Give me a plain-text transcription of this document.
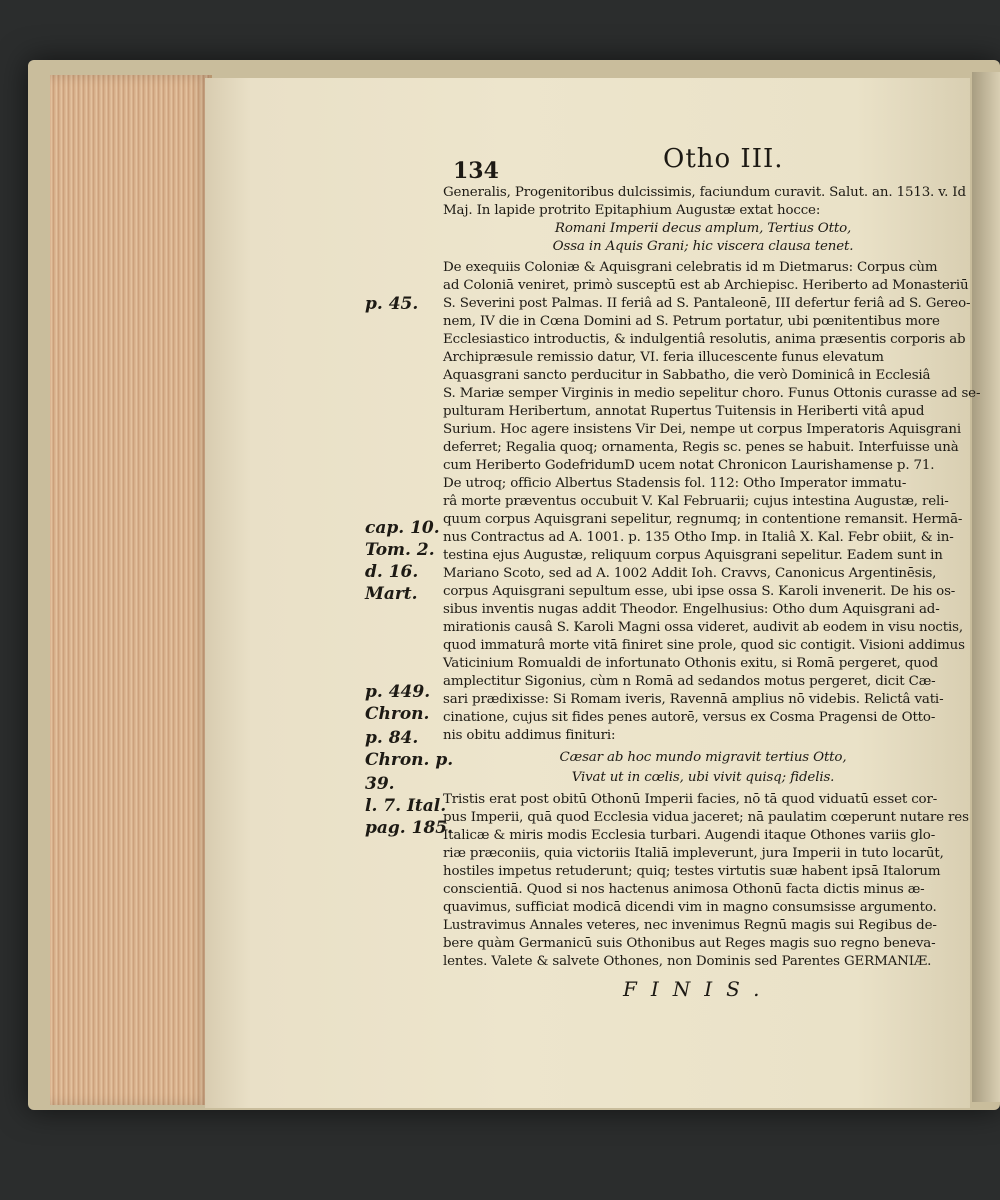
134	Otho III.
p. 45.
cap. 10.
Tom. 2.
d. 16.
Mart.
p. 449.
Chron.
p. 84.
Chron. p.
39.
l. 7. Ital.
pag. 185.
Generalis, Progenitoribus dulcissimis, faciundum curavit. Salut. an. 1513. v. Id
Maj. In lapide protrito Epitaphium Augustæ extat hocce:
Romani Imperii decus amplum, Tertius Otto,
Ossa in Aquis Grani; hic viscera clausa tenet.
De exequiis Coloniæ & Aquisgrani celebratis id m Dietmarus: Corpus cùm
ad Coloniā veniret, primò susceptū est ab Archiepisc. Heriberto ad Monasteriū
S. Severini post Palmas. II feriâ ad S. Pantaleonē, III defertur feriâ ad S. Gereo-
nem, IV die in Cœna Domini ad S. Petrum portatur, ubi pœnitentibus more
Ecclesiastico introductis, & indulgentiâ resolutis, anima præsentis corporis ab
Archipræsule remissio datur, VI. feria illucescente funus elevatum
Aquasgrani sancto perducitur in Sabbatho, die verò Dominicâ in Ecclesiâ
S. Mariæ semper Virginis in medio sepelitur choro. Funus Ottonis curasse ad se-
pulturam Heribertum, annotat Rupertus Tuitensis in Heriberti vitâ apud
Surium. Hoc agere insistens Vir Dei, nempe ut corpus Imperatoris Aquisgrani
deferret; Regalia quoq; ornamenta, Regis sc. penes se habuit. Interfuisse unà
cum Heriberto GodefridumD ucem notat Chronicon Laurishamense p. 71.
De utroq; officio Albertus Stadensis fol. 112: Otho Imperator immatu-
râ morte præventus occubuit V. Kal Februarii; cujus intestina Augustæ, reli-
quum corpus Aquisgrani sepelitur, regnumq; in contentione remansit. Hermā-
nus Contractus ad A. 1001. p. 135 Otho Imp. in Italiâ X. Kal. Febr obiit, & in-
testina ejus Augustæ, reliquum corpus Aquisgrani sepelitur. Eadem sunt in
Mariano Scoto, sed ad A. 1002 Addit Ioh. Cravvs, Canonicus Argentinēsis,
corpus Aquisgrani sepultum esse, ubi ipse ossa S. Karoli invenerit. De his os-
sibus inventis nugas addit Theodor. Engelhusius: Otho dum Aquisgrani ad-
mirationis causâ S. Karoli Magni ossa videret, audivit ab eodem in visu noctis,
quod immaturâ morte vitā finiret sine prole, quod sic contigit. Visioni addimus
Vaticinium Romualdi de infortunato Othonis exitu, si Romā pergeret, quod
amplectitur Sigonius, cùm n Romā ad sedandos motus pergeret, dicit Cæ-
sari prædixisse: Si Romam iveris, Ravennā amplius nō videbis. Relictâ vati-
cinatione, cujus sit fides penes autorē, versus ex Cosma Pragensi de Otto-
nis obitu addimus finituri:
Cæsar ab hoc mundo migravit tertius Otto,
Vivat ut in cœlis, ubi vivit quisq; fidelis.
Tristis erat post obitū Othonū Imperii facies, nō tā quod viduatū esset cor-
pus Imperii, quā quod Ecclesia vidua jaceret; nā paulatim cœperunt nutare res
Italicæ & miris modis Ecclesia turbari. Augendi itaque Othones variis glo-
riæ præconiis, quia victoriis Italiā impleverunt, jura Imperii in tuto locarūt,
hostiles impetus retuderunt; quiq; testes virtutis suæ habent ipsā Italorum
conscientiā. Quod si nos hactenus animosa Othonū facta dictis minus æ-
quavimus, sufficiat modicā dicendi vim in magno consumsisse argumento.
Lustravimus Annales veteres, nec invenimus Regnū magis sui Regibus de-
bere quàm Germanicū suis Othonibus aut Reges magis suo regno beneva-
lentes. Valete & salvete Othones, non Dominis sed Parentes GERMANIÆ.
FINIS.
